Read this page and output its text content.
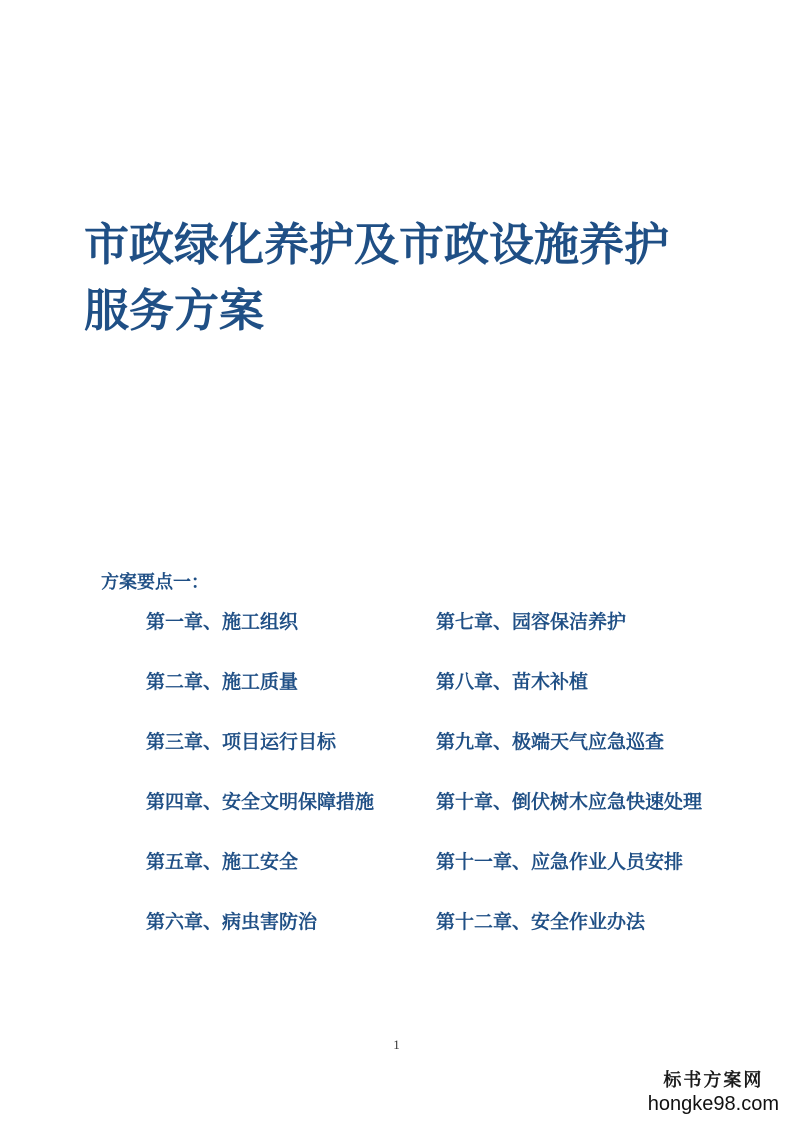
市政绿化养护及市政设施养护
服务方案
方案要点一：
第一章、施工组织	第七章、园容保洁养护
第二章、施工质量	第八章、苗木补植
第三章、项目运行目标	第九章、极端天气应急巡查
第四章、安全文明保障措施	第十章、倒伏树木应急快速处理
第五章、施工安全	第十一章、应急作业人员安排
第六章、病虫害防治	第十二章、安全作业办法
1
标书方案网
hongke98.com
